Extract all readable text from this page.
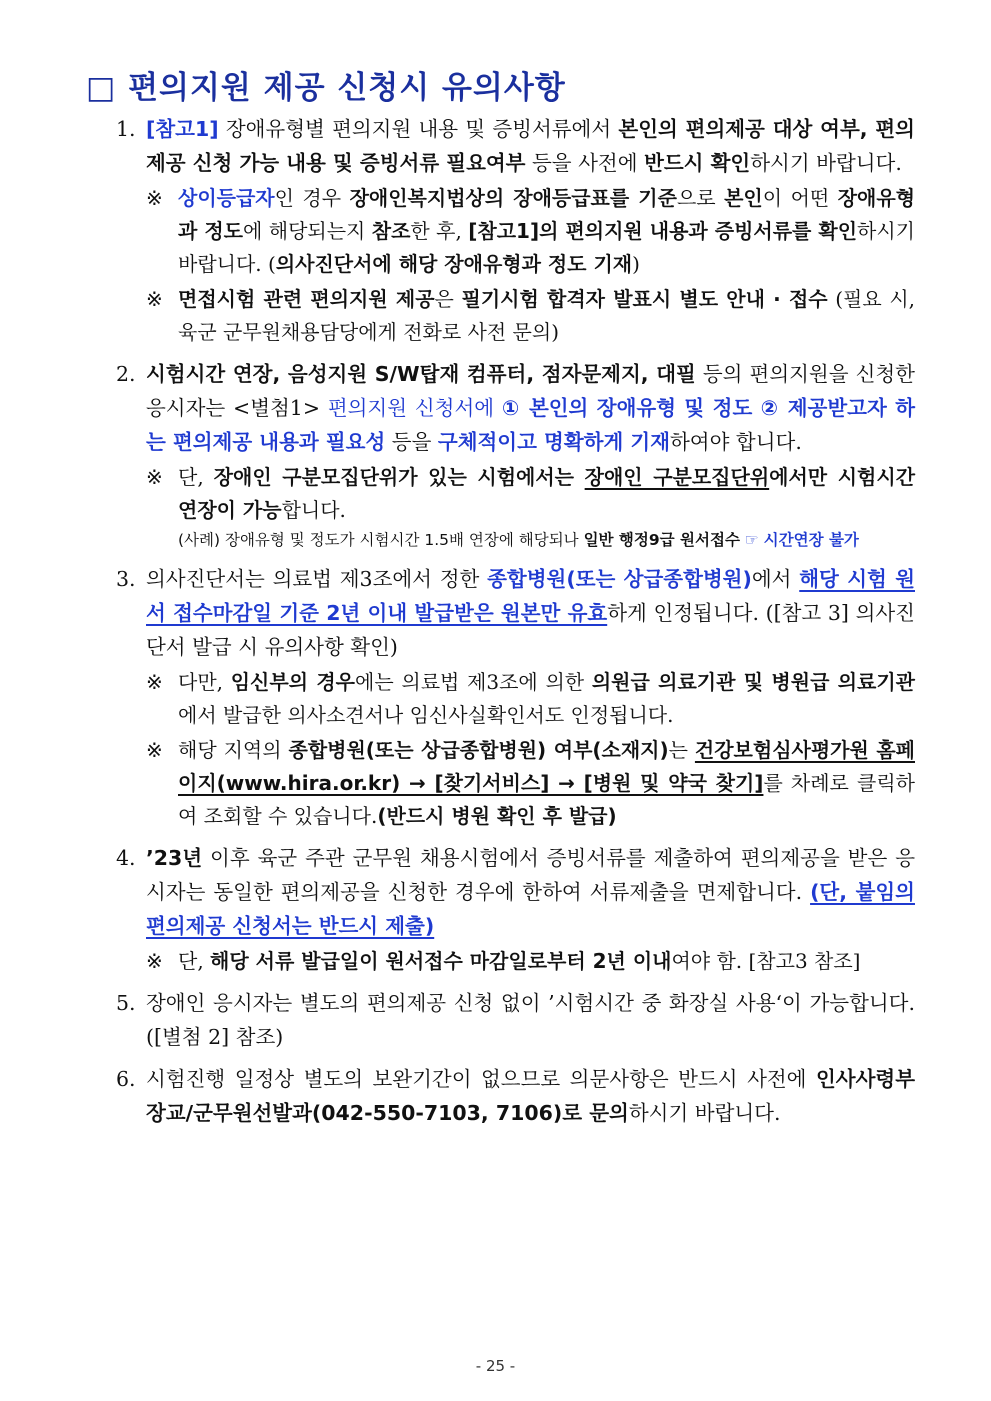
□ 편의지원 제공 신청시 유의사항
1. [참고1] 장애유형별 편의지원 내용 및 증빙서류에서 본인의 편의제공 대상 여부, 편의제공 신청 가능 내용 및 증빙서류 필요여부 등을 사전에 반드시 확인하시기 바랍니다.
※ 상이등급자인 경우 장애인복지법상의 장애등급표를 기준으로 본인이 어떤 장애유형과 정도에 해당되는지 참조한 후, [참고1]의 편의지원 내용과 증빙서류를 확인하시기 바랍니다. (의사진단서에 해당 장애유형과 정도 기재)
※ 면접시험 관련 편의지원 제공은 필기시험 합격자 발표시 별도 안내 · 접수 (필요 시, 육군 군무원채용담당에게 전화로 사전 문의)
2. 시험시간 연장, 음성지원 S/W탑재 컴퓨터, 점자문제지, 대필 등의 편의지원을 신청한 응시자는 <별첨1> 편의지원 신청서에 ① 본인의 장애유형 및 정도 ② 제공받고자 하는 편의제공 내용과 필요성 등을 구체적이고 명확하게 기재하여야 합니다.
※ 단, 장애인 구분모집단위가 있는 시험에서는 장애인 구분모집단위에서만 시험시간 연장이 가능합니다.
(사례) 장애유형 및 정도가 시험시간 1.5배 연장에 해당되나 일반 행정9급 원서접수 ☞ 시간연장 불가
3. 의사진단서는 의료법 제3조에서 정한 종합병원(또는 상급종합병원)에서 해당 시험 원서 접수마감일 기준 2년 이내 발급받은 원본만 유효하게 인정됩니다. ([참고 3] 의사진단서 발급 시 유의사항 확인)
※ 다만, 임신부의 경우에는 의료법 제3조에 의한 의원급 의료기관 및 병원급 의료기관에서 발급한 의사소견서나 임신사실확인서도 인정됩니다.
※ 해당 지역의 종합병원(또는 상급종합병원) 여부(소재지)는 건강보험심사평가원 홈페이지(www.hira.or.kr) → [찾기서비스] → [병원 및 약국 찾기]를 차례로 클릭하여 조회할 수 있습니다.(반드시 병원 확인 후 발급)
4. ’23년 이후 육군 주관 군무원 채용시험에서 증빙서류를 제출하여 편의제공을 받은 응시자는 동일한 편의제공을 신청한 경우에 한하여 서류제출을 면제합니다. (단, 붙임의 편의제공 신청서는 반드시 제출)
※ 단, 해당 서류 발급일이 원서접수 마감일로부터 2년 이내여야 함. [참고3 참조]
5. 장애인 응시자는 별도의 편의제공 신청 없이 ’시험시간 중 화장실 사용‘이 가능합니다. ([별첨 2] 참조)
6. 시험진행 일정상 별도의 보완기간이 없으므로 의문사항은 반드시 사전에 인사사령부 장교/군무원선발과(042-550-7103, 7106)로 문의하시기 바랍니다.
- 25 -
